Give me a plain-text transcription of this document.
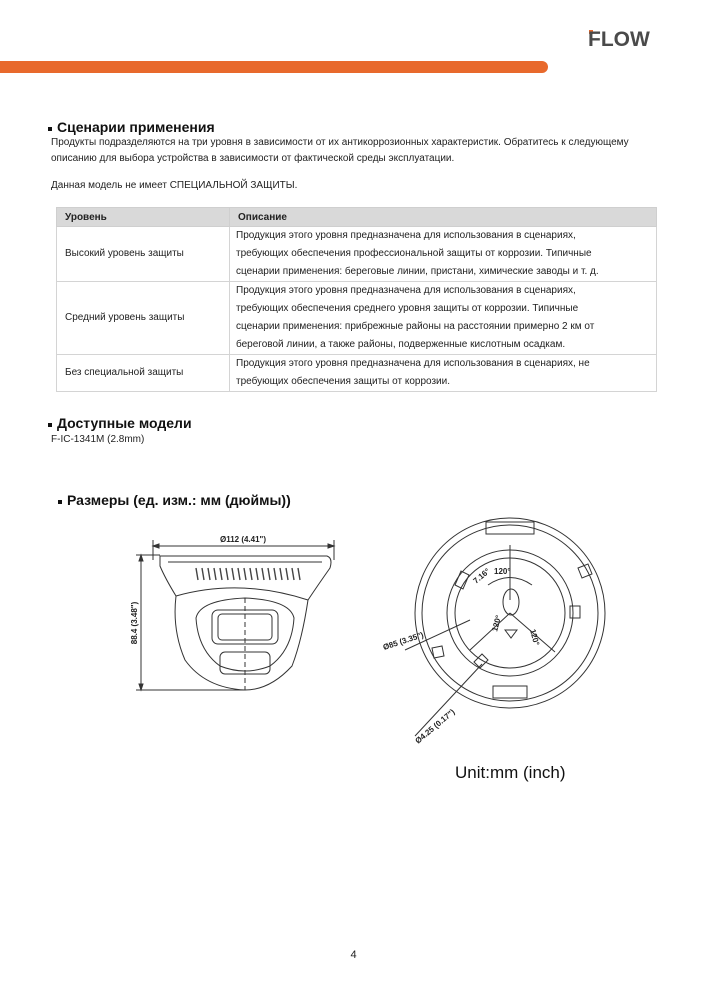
FLOW
Сценарии применения
Продукты подразделяются на три уровня в зависимости от их антикоррозионных характеристик. Обратитесь к следующему описанию для выбора устройства в зависимости от фактической среды эксплуатации.
Данная модель не имеет СПЕЦИАЛЬНОЙ ЗАЩИТЫ.
Уровень	Описание
Высокий уровень защиты	Продукция этого уровня предназначена для использования в сценариях,
требующих обеспечения профессиональной защиты от коррозии. Типичные
сценарии применения: береговые линии, пристани, химические заводы и т. д.

Средний уровень защиты	Продукция этого уровня предназначена для использования в сценариях,
требующих обеспечения среднего уровня защиты от коррозии. Типичные
сценарии применения: прибрежные районы на расстоянии примерно 2 км от
береговой линии, а также районы, подверженные кислотным осадкам.

Без специальной защиты	Продукция этого уровня предназначена для использования в сценариях, не
требующих обеспечения защиты от коррозии.
Доступные модели
F-IC-1341M (2.8mm)
Размеры (ед. изм.: мм (дюймы))
Ø112 (4.41")
88.4 (3.48")	Ø85 (3.35")
Ø4.25 (0.17")
7.16° 120°
120°
120°
Unit:mm (inch)
4
